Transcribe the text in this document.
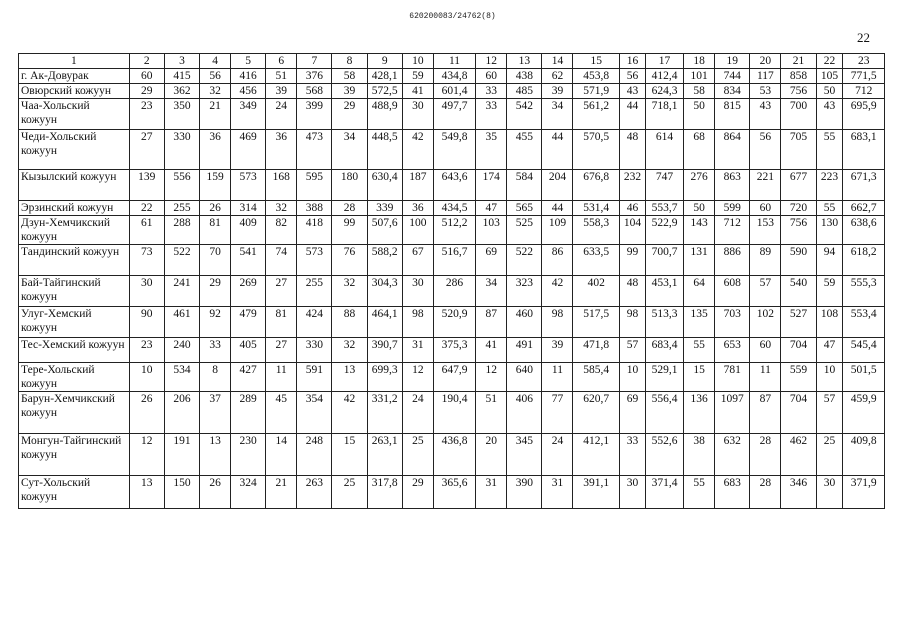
620200083/24762(8)
22
1	2	3	4	5	6	7	8	9	10	11	12	13	14	15	16	17	18	19	20	21	22	23
г. Ак-Довурак	60	415	56	416	51	376	58	428,1	59	434,8	60	438	62	453,8	56	412,4	101	744	117	858	105	771,5
Овюрский кожуун	29	362	32	456	39	568	39	572,5	41	601,4	33	485	39	571,9	43	624,3	58	834	53	756	50	712
Чаа-Хольский кожуун	23	350	21	349	24	399	29	488,9	30	497,7	33	542	34	561,2	44	718,1	50	815	43	700	43	695,9
Чеди-Хольский кожуун	27	330	36	469	36	473	34	448,5	42	549,8	35	455	44	570,5	48	614	68	864	56	705	55	683,1
Кызылский кожуун	139	556	159	573	168	595	180	630,4	187	643,6	174	584	204	676,8	232	747	276	863	221	677	223	671,3
Эрзинский кожуун	22	255	26	314	32	388	28	339	36	434,5	47	565	44	531,4	46	553,7	50	599	60	720	55	662,7
Дзун-Хемчикский кожуун	61	288	81	409	82	418	99	507,6	100	512,2	103	525	109	558,3	104	522,9	143	712	153	756	130	638,6
Тандинский кожуун	73	522	70	541	74	573	76	588,2	67	516,7	69	522	86	633,5	99	700,7	131	886	89	590	94	618,2
Бай-Тайгинский кожуун	30	241	29	269	27	255	32	304,3	30	286	34	323	42	402	48	453,1	64	608	57	540	59	555,3
Улуг-Хемский кожуун	90	461	92	479	81	424	88	464,1	98	520,9	87	460	98	517,5	98	513,3	135	703	102	527	108	553,4
Тес-Хемский кожуун	23	240	33	405	27	330	32	390,7	31	375,3	41	491	39	471,8	57	683,4	55	653	60	704	47	545,4
Тере-Хольский кожуун	10	534	8	427	11	591	13	699,3	12	647,9	12	640	11	585,4	10	529,1	15	781	11	559	10	501,5
Барун-Хемчикский кожуун	26	206	37	289	45	354	42	331,2	24	190,4	51	406	77	620,7	69	556,4	136	1097	87	704	57	459,9
Монгун-Тайгинский кожуун	12	191	13	230	14	248	15	263,1	25	436,8	20	345	24	412,1	33	552,6	38	632	28	462	25	409,8
Сут-Хольский кожуун	13	150	26	324	21	263	25	317,8	29	365,6	31	390	31	391,1	30	371,4	55	683	28	346	30	371,9
